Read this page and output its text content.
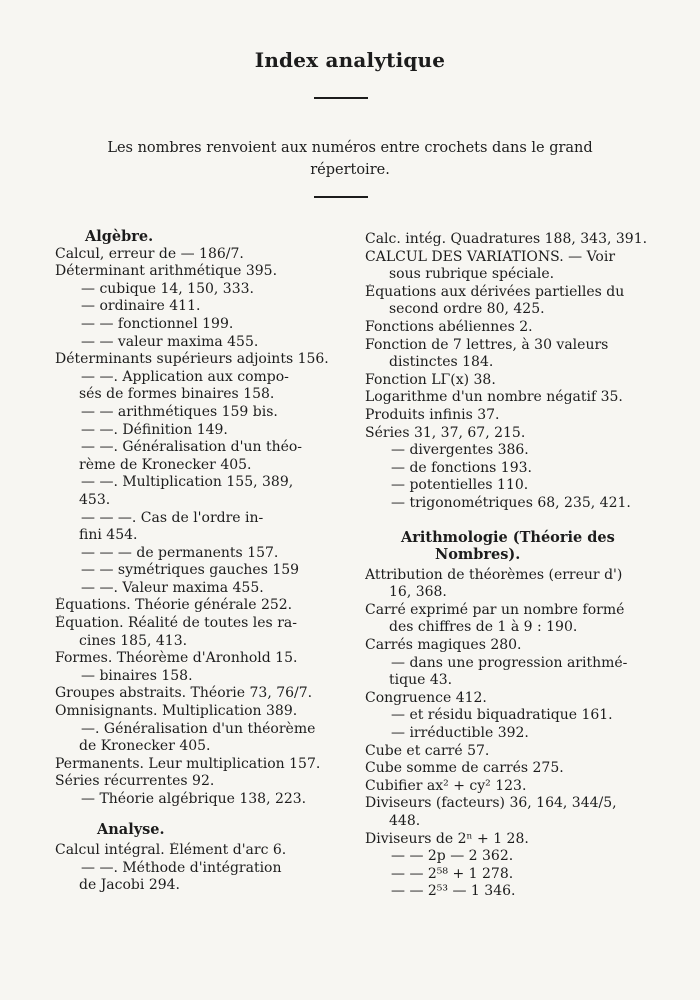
Index analytique
Les nombres renvoient aux numéros entre crochets dans le grand répertoire.
Algèbre.
Calcul, erreur de — 186/7.
Déterminant arithmétique 395.
— cubique 14, 150, 333.
— ordinaire 411.
— — fonctionnel 199.
— — valeur maxima 455.
Déterminants supérieurs adjoints 156.
— —. Application aux compo-
sés de formes binaires 158.
— — arithmétiques 159 bis.
— —. Définition 149.
— —. Généralisation d'un théo-
rème de Kronecker 405.
— —. Multiplication 155, 389,
453.
— — —. Cas de l'ordre in-
fini 454.
— — — de permanents 157.
— — symétriques gauches 159
— —. Valeur maxima 455.
Équations. Théorie générale 252.
Équation. Réalité de toutes les ra-
cines 185, 413.
Formes. Théorème d'Aronhold 15.
— binaires 158.
Groupes abstraits. Théorie 73, 76/7.
Omnisignants. Multiplication 389.
—. Généralisation d'un théorème
de Kronecker 405.
Permanents. Leur multiplication 157.
Séries récurrentes 92.
— Théorie algébrique 138, 223.
Analyse.
Calcul intégral. Élément d'arc 6.
— —. Méthode d'intégration
de Jacobi 294.
Calc. intég. Quadratures 188, 343, 391.
CALCUL DES VARIATIONS. — Voir
sous rubrique spéciale.
Équations aux dérivées partielles du
second ordre 80, 425.
Fonctions abéliennes 2.
Fonction de 7 lettres, à 30 valeurs
distinctes 184.
Fonction LΓ(x) 38.
Logarithme d'un nombre négatif 35.
Produits infinis 37.
Séries 31, 37, 67, 215.
— divergentes 386.
— de fonctions 193.
— potentielles 110.
— trigonométriques 68, 235, 421.
Arithmologie (Théorie des
Nombres).
Attribution de théorèmes (erreur d')
16, 368.
Carré exprimé par un nombre formé
des chiffres de 1 à 9 : 190.
Carrés magiques 280.
— dans une progression arithmé-
tique 43.
Congruence 412.
— et résidu biquadratique 161.
— irréductible 392.
Cube et carré 57.
Cube somme de carrés 275.
Cubifier ax² + cy² 123.
Diviseurs (facteurs) 36, 164, 344/5,
448.
Diviseurs de 2ⁿ + 1 28.
— — 2p — 2 362.
— — 2⁵⁸ + 1 278.
— — 2⁵³ — 1 346.
